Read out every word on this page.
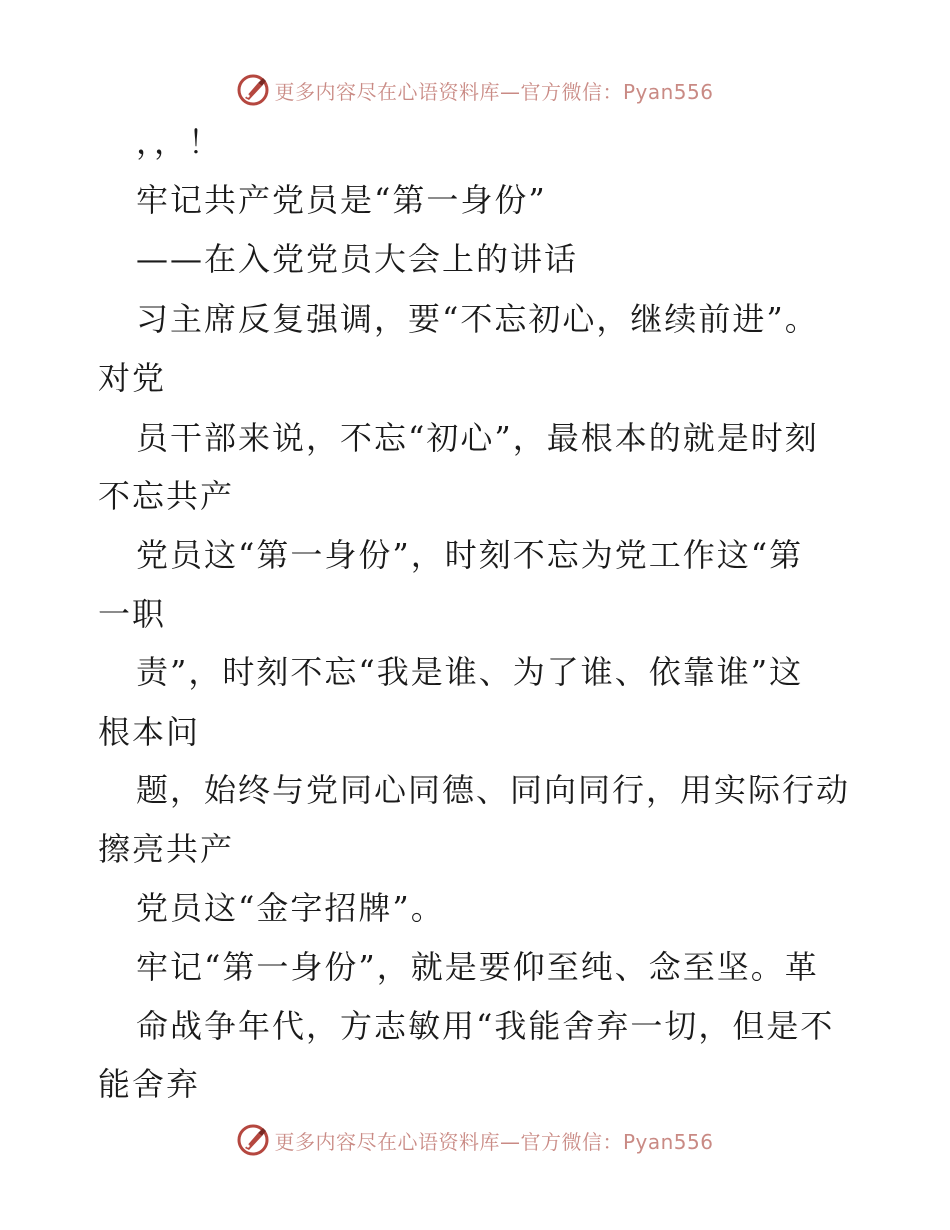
更多内容尽在心语资料库—官方微信：Pyan556
，，！
牢记共产党员是“第一身份”
——在入党党员大会上的讲话
习主席反复强调，要“不忘初心，继续前进”。
对党
员干部来说，不忘“初心”，最根本的就是时刻
不忘共产
党员这“第一身份”，时刻不忘为党工作这“第
一职
责”，时刻不忘“我是谁、为了谁、依靠谁”这
根本问
题，始终与党同心同德、同向同行，用实际行动
擦亮共产
党员这“金字招牌”。
牢记“第一身份”，就是要仰至纯、念至坚。革
命战争年代，方志敏用“我能舍弃一切，但是不
能舍弃
更多内容尽在心语资料库—官方微信：Pyan556
